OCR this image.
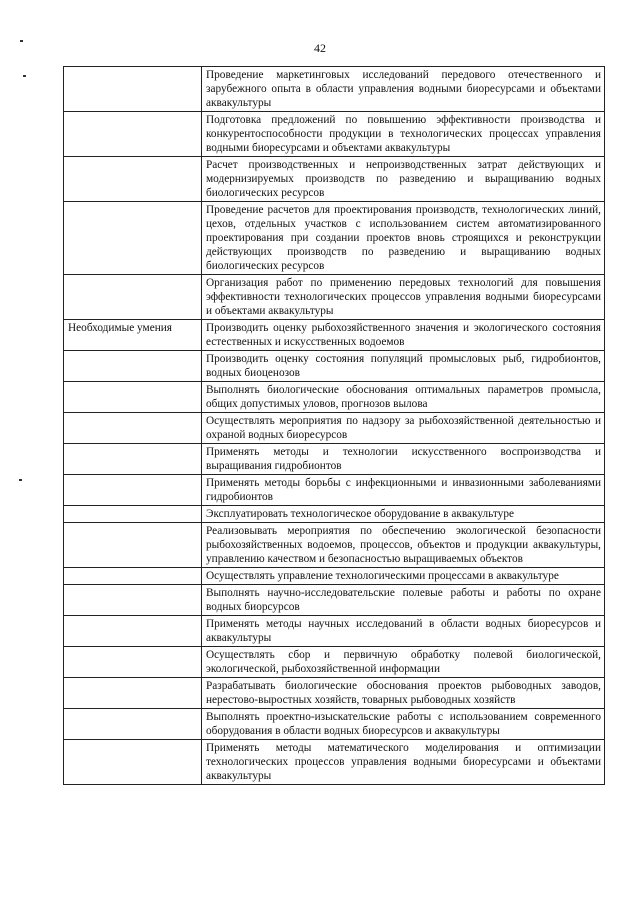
42
	Проведение маркетинговых исследований передового отечественного и зарубежного опыта в области управления водными биоресурсами и объектами аквакультуры
	Подготовка предложений по повышению эффективности производства и конкурентоспособности продукции в технологических процессах управления водными биоресурсами и объектами аквакультуры
	Расчет производственных и непроизводственных затрат действующих и модернизируемых производств по разведению и выращиванию водных биологических ресурсов
	Проведение расчетов для проектирования производств, технологических линий, цехов, отдельных участков с использованием систем автоматизированного проектирования при создании проектов вновь строящихся и реконструкции действующих производств по разведению и выращиванию водных биологических ресурсов
	Организация работ по применению передовых технологий для повышения эффективности технологических процессов управления водными биоресурсами и объектами аквакультуры
Необходимые умения	Производить оценку рыбохозяйственного значения и экологического состояния естественных и искусственных водоемов
	Производить оценку состояния популяций промысловых рыб, гидробионтов, водных биоценозов
	Выполнять биологические обоснования оптимальных параметров промысла, общих допустимых уловов, прогнозов вылова
	Осуществлять мероприятия по надзору за рыбохозяйственной деятельностью и охраной водных биоресурсов
	Применять методы и технологии искусственного воспроизводства и выращивания гидробионтов
	Применять методы борьбы с инфекционными и инвазионными заболеваниями гидробионтов
	Эксплуатировать технологическое оборудование в аквакультуре
	Реализовывать мероприятия по обеспечению экологической безопасности рыбохозяйственных водоемов, процессов, объектов и продукции аквакультуры, управлению качеством и безопасностью выращиваемых объектов
	Осуществлять управление технологическими процессами в аквакультуре
	Выполнять научно-исследовательские полевые работы и работы по охране водных биорсурсов
	Применять методы научных исследований в области водных биоресурсов и аквакультуры
	Осуществлять сбор и первичную обработку полевой биологической, экологической, рыбохозяйственной информации
	Разрабатывать биологические обоснования проектов рыбоводных заводов, нерестово-выростных хозяйств, товарных рыбоводных хозяйств
	Выполнять проектно-изыскательские работы с использованием современного оборудования в области водных биоресурсов и аквакультуры
	Применять методы математического моделирования и оптимизации технологических процессов управления водными биоресурсами и объектами аквакультуры
